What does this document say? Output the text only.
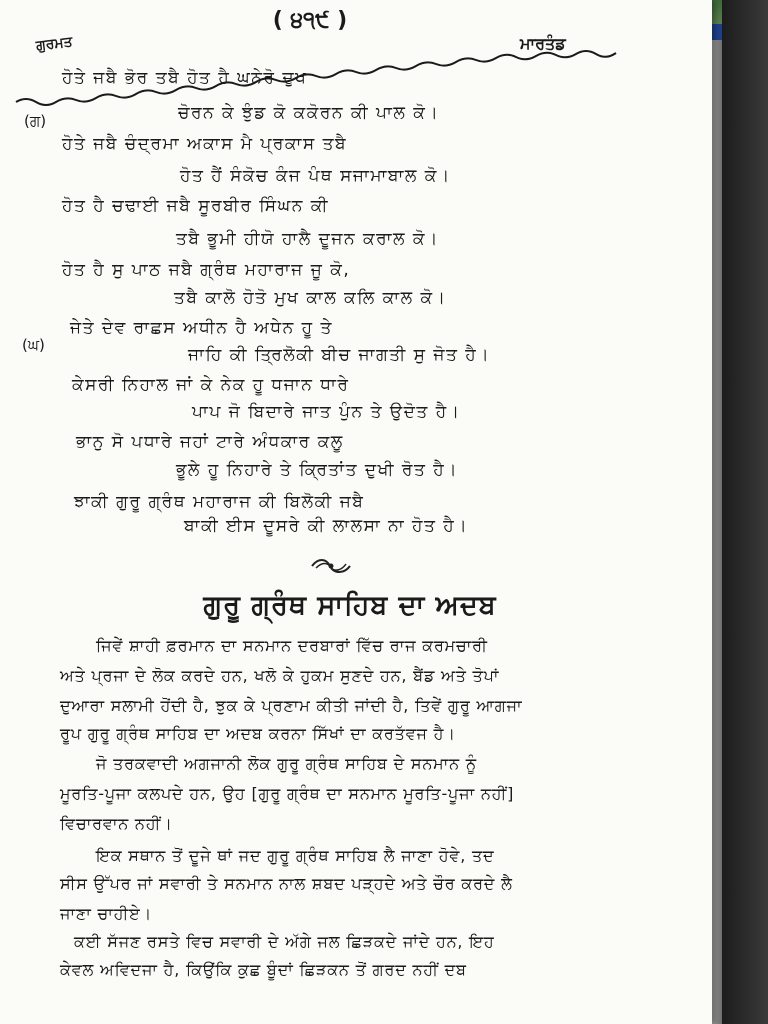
( ੪੧੯ )
ਗੁਰਮਤ	ਮਾਰਤੰਡ
(ਗ)
ਹੋਤੇ ਜਬੈ ਭੋਰ ਤਬੈ ਹੋਤ ਹੈ ਘਨੇਰੋ ਦੁਖ
ਚੋਰਨ ਕੇ ਝੁੰਡ ਕੋ ਕਕੋਰਨ ਕੀ ਪਾਲ ਕੋ।
ਹੋਤੇ ਜਬੈ ਚੰਦ੍ਰਮਾ ਅਕਾਸ ਮੈ ਪ੍ਰਕਾਸ ਤਬੈ
ਹੋਤ ਹੈਂ ਸੰਕੋਚ ਕੰਜ ਪੰਥ ਸਜਾਮਾਬਾਲ ਕੋ।
ਹੋਤ ਹੈ ਚਢਾਈ ਜਬੈ ਸੂਰਬੀਰ ਸਿੰਘਨ ਕੀ
ਤਬੈ ਭੂਮੀ ਹੀਯੋ ਹਾਲੈ ਦੂਜਨ ਕਰਾਲ ਕੋ।
ਹੋਤ ਹੈ ਸੁ ਪਾਠ ਜਬੈ ਗ੍ਰੰਥ ਮਹਾਰਾਜ ਜੂ ਕੋ,
ਤਬੈ ਕਾਲੋ ਹੋਤੋ ਮੁਖ ਕਾਲ ਕਲਿ ਕਾਲ ਕੋ।
(ਘ)
ਜੇਤੇ ਦੇਵ ਰਾਛਸ ਅਧੀਨ ਹੈ ਅਧੇਨ ਹੂ ਤੇ
ਜਾਹਿ ਕੀ ਤ੍ਰਿਲੋਕੀ ਬੀਚ ਜਾਗਤੀ ਸੁ ਜੋਤ ਹੈ।
ਕੇਸਰੀ ਨਿਹਾਲ ਜਾਂ ਕੇ ਨੇਕ ਹੂ ਧਜਾਨ ਧਾਰੇ
ਪਾਪ ਜੋ ਬਿਦਾਰੇ ਜਾਤ ਪੁੰਨ ਤੇ ਉਦੋਤ ਹੈ।
ਭਾਨੁ ਸੋ ਪਧਾਰੇ ਜਹਾਂ ਟਾਰੇ ਅੰਧਕਾਰ ਕਲੂ
ਭੂਲੇ ਹੂ ਨਿਹਾਰੇ ਤੇ ਕ੍ਰਿਤਾਂਤ ਦੁਖੀ ਰੋਤ ਹੈ।
ਝਾਕੀ ਗੁਰੂ ਗ੍ਰੰਥ ਮਹਾਰਾਜ ਕੀ ਬਿਲੋਕੀ ਜਬੈ
ਬਾਕੀ ਈਸ ਦੂਸਰੇ ਕੀ ਲਾਲਸਾ ਨਾ ਹੋਤ ਹੈ।
ਗੁਰੂ ਗ੍ਰੰਥ ਸਾਹਿਬ ਦਾ ਅਦਬ
ਜਿਵੇਂ ਸ਼ਾਹੀ ਫ਼ਰਮਾਨ ਦਾ ਸਨਮਾਨ ਦਰਬਾਰਾਂ ਵਿੱਚ ਰਾਜ ਕਰਮਚਾਰੀ
ਅਤੇ ਪ੍ਰਜਾ ਦੇ ਲੋਕ ਕਰਦੇ ਹਨ, ਖਲੋ ਕੇ ਹੁਕਮ ਸੁਣਦੇ ਹਨ, ਬੈਂਡ ਅਤੇ ਤੋਪਾਂ
ਦੁਆਰਾ ਸਲਾਮੀ ਹੋਂਦੀ ਹੈ, ਝੁਕ ਕੇ ਪ੍ਰਣਾਮ ਕੀਤੀ ਜਾਂਦੀ ਹੈ, ਤਿਵੇਂ ਗੁਰੂ ਆਗਜਾ
ਰੂਪ ਗੁਰੂ ਗ੍ਰੰਥ ਸਾਹਿਬ ਦਾ ਅਦਬ ਕਰਨਾ ਸਿੱਖਾਂ ਦਾ ਕਰਤੱਵਜ ਹੈ।
ਜੋ ਤਰਕਵਾਦੀ ਅਗਜਾਨੀ ਲੋਕ ਗੁਰੂ ਗ੍ਰੰਥ ਸਾਹਿਬ ਦੇ ਸਨਮਾਨ ਨੂੰ
ਮੂਰਤਿ-ਪੂਜਾ ਕਲਪਦੇ ਹਨ, ਉਹ [ਗੁਰੂ ਗ੍ਰੰਥ ਦਾ ਸਨਮਾਨ ਮੂਰਤਿ-ਪੂਜਾ ਨਹੀਂ]
ਵਿਚਾਰਵਾਨ ਨਹੀਂ।
ਇਕ ਸਥਾਨ ਤੋਂ ਦੂਜੇ ਥਾਂ ਜਦ ਗੁਰੂ ਗ੍ਰੰਥ ਸਾਹਿਬ ਲੈ ਜਾਣਾ ਹੋਵੇ, ਤਦ
ਸੀਸ ਉੱਪਰ ਜਾਂ ਸਵਾਰੀ ਤੇ ਸਨਮਾਨ ਨਾਲ ਸ਼ਬਦ ਪੜ੍ਹਦੇ ਅਤੇ ਚੌਰ ਕਰਦੇ ਲੈ
ਜਾਣਾ ਚਾਹੀਏ।
ਕਈ ਸੱਜਣ ਰਸਤੇ ਵਿਚ ਸਵਾਰੀ ਦੇ ਅੱਗੇ ਜਲ ਛਿੜਕਦੇ ਜਾਂਦੇ ਹਨ, ਇਹ
ਕੇਵਲ ਅਵਿਦਜਾ ਹੈ, ਕਿਉਂਕਿ ਕੁਛ ਬੂੰਦਾਂ ਛਿੜਕਨ ਤੋਂ ਗਰਦ ਨਹੀਂ ਦਬ
